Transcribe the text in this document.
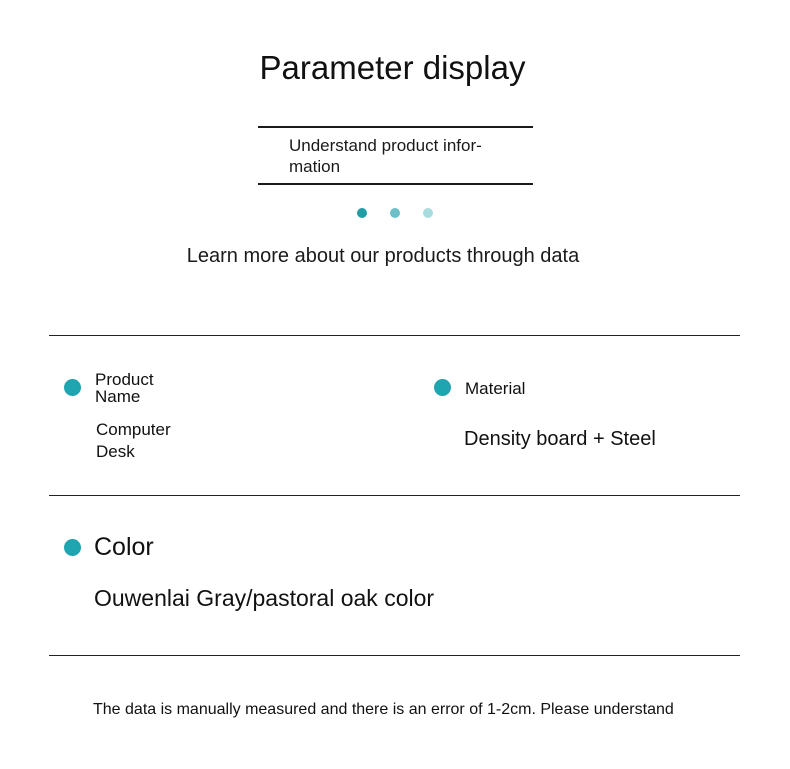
Parameter display
Understand product infor- mation
Learn more about our products through data
Product Name
Computer Desk
Material
Density board + Steel
Color
Ouwenlai Gray/pastoral oak color
The data is manually measured and there is an error of 1-2cm. Please understand
